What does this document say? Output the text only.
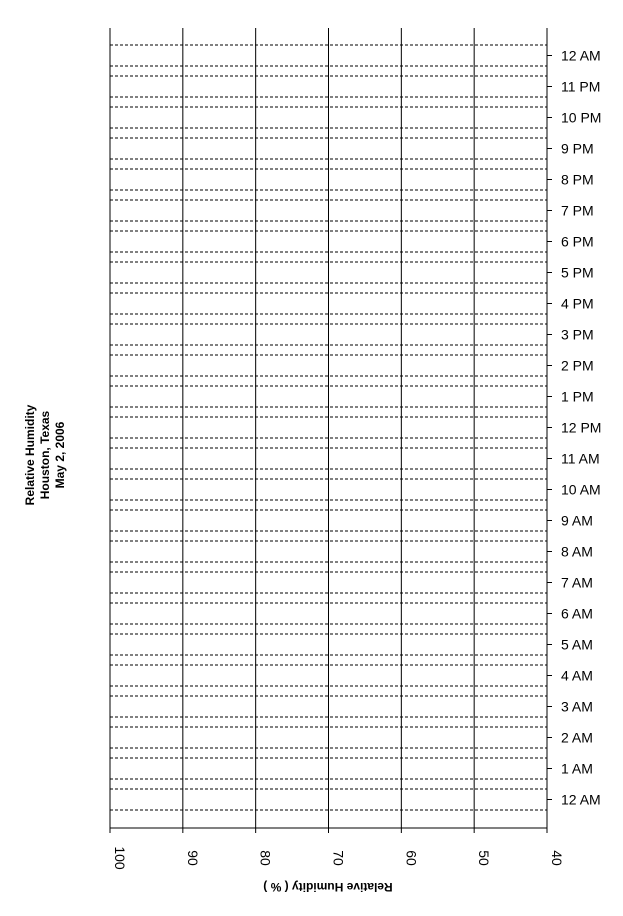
Relative Humidity Houston, Texas May 2, 2006
12 AM
1 AM
2 AM
3 AM
4 AM
5 AM
6 AM
7 AM
8 AM
9 AM
10 AM
11 AM
12 PM
1 PM
2 PM
3 PM
4 PM
5 PM
6 PM
7 PM
8 PM
9 PM
10 PM
11 PM
12 AM
100	90	80	70	60	50	40
Relative Humidity ( % )
